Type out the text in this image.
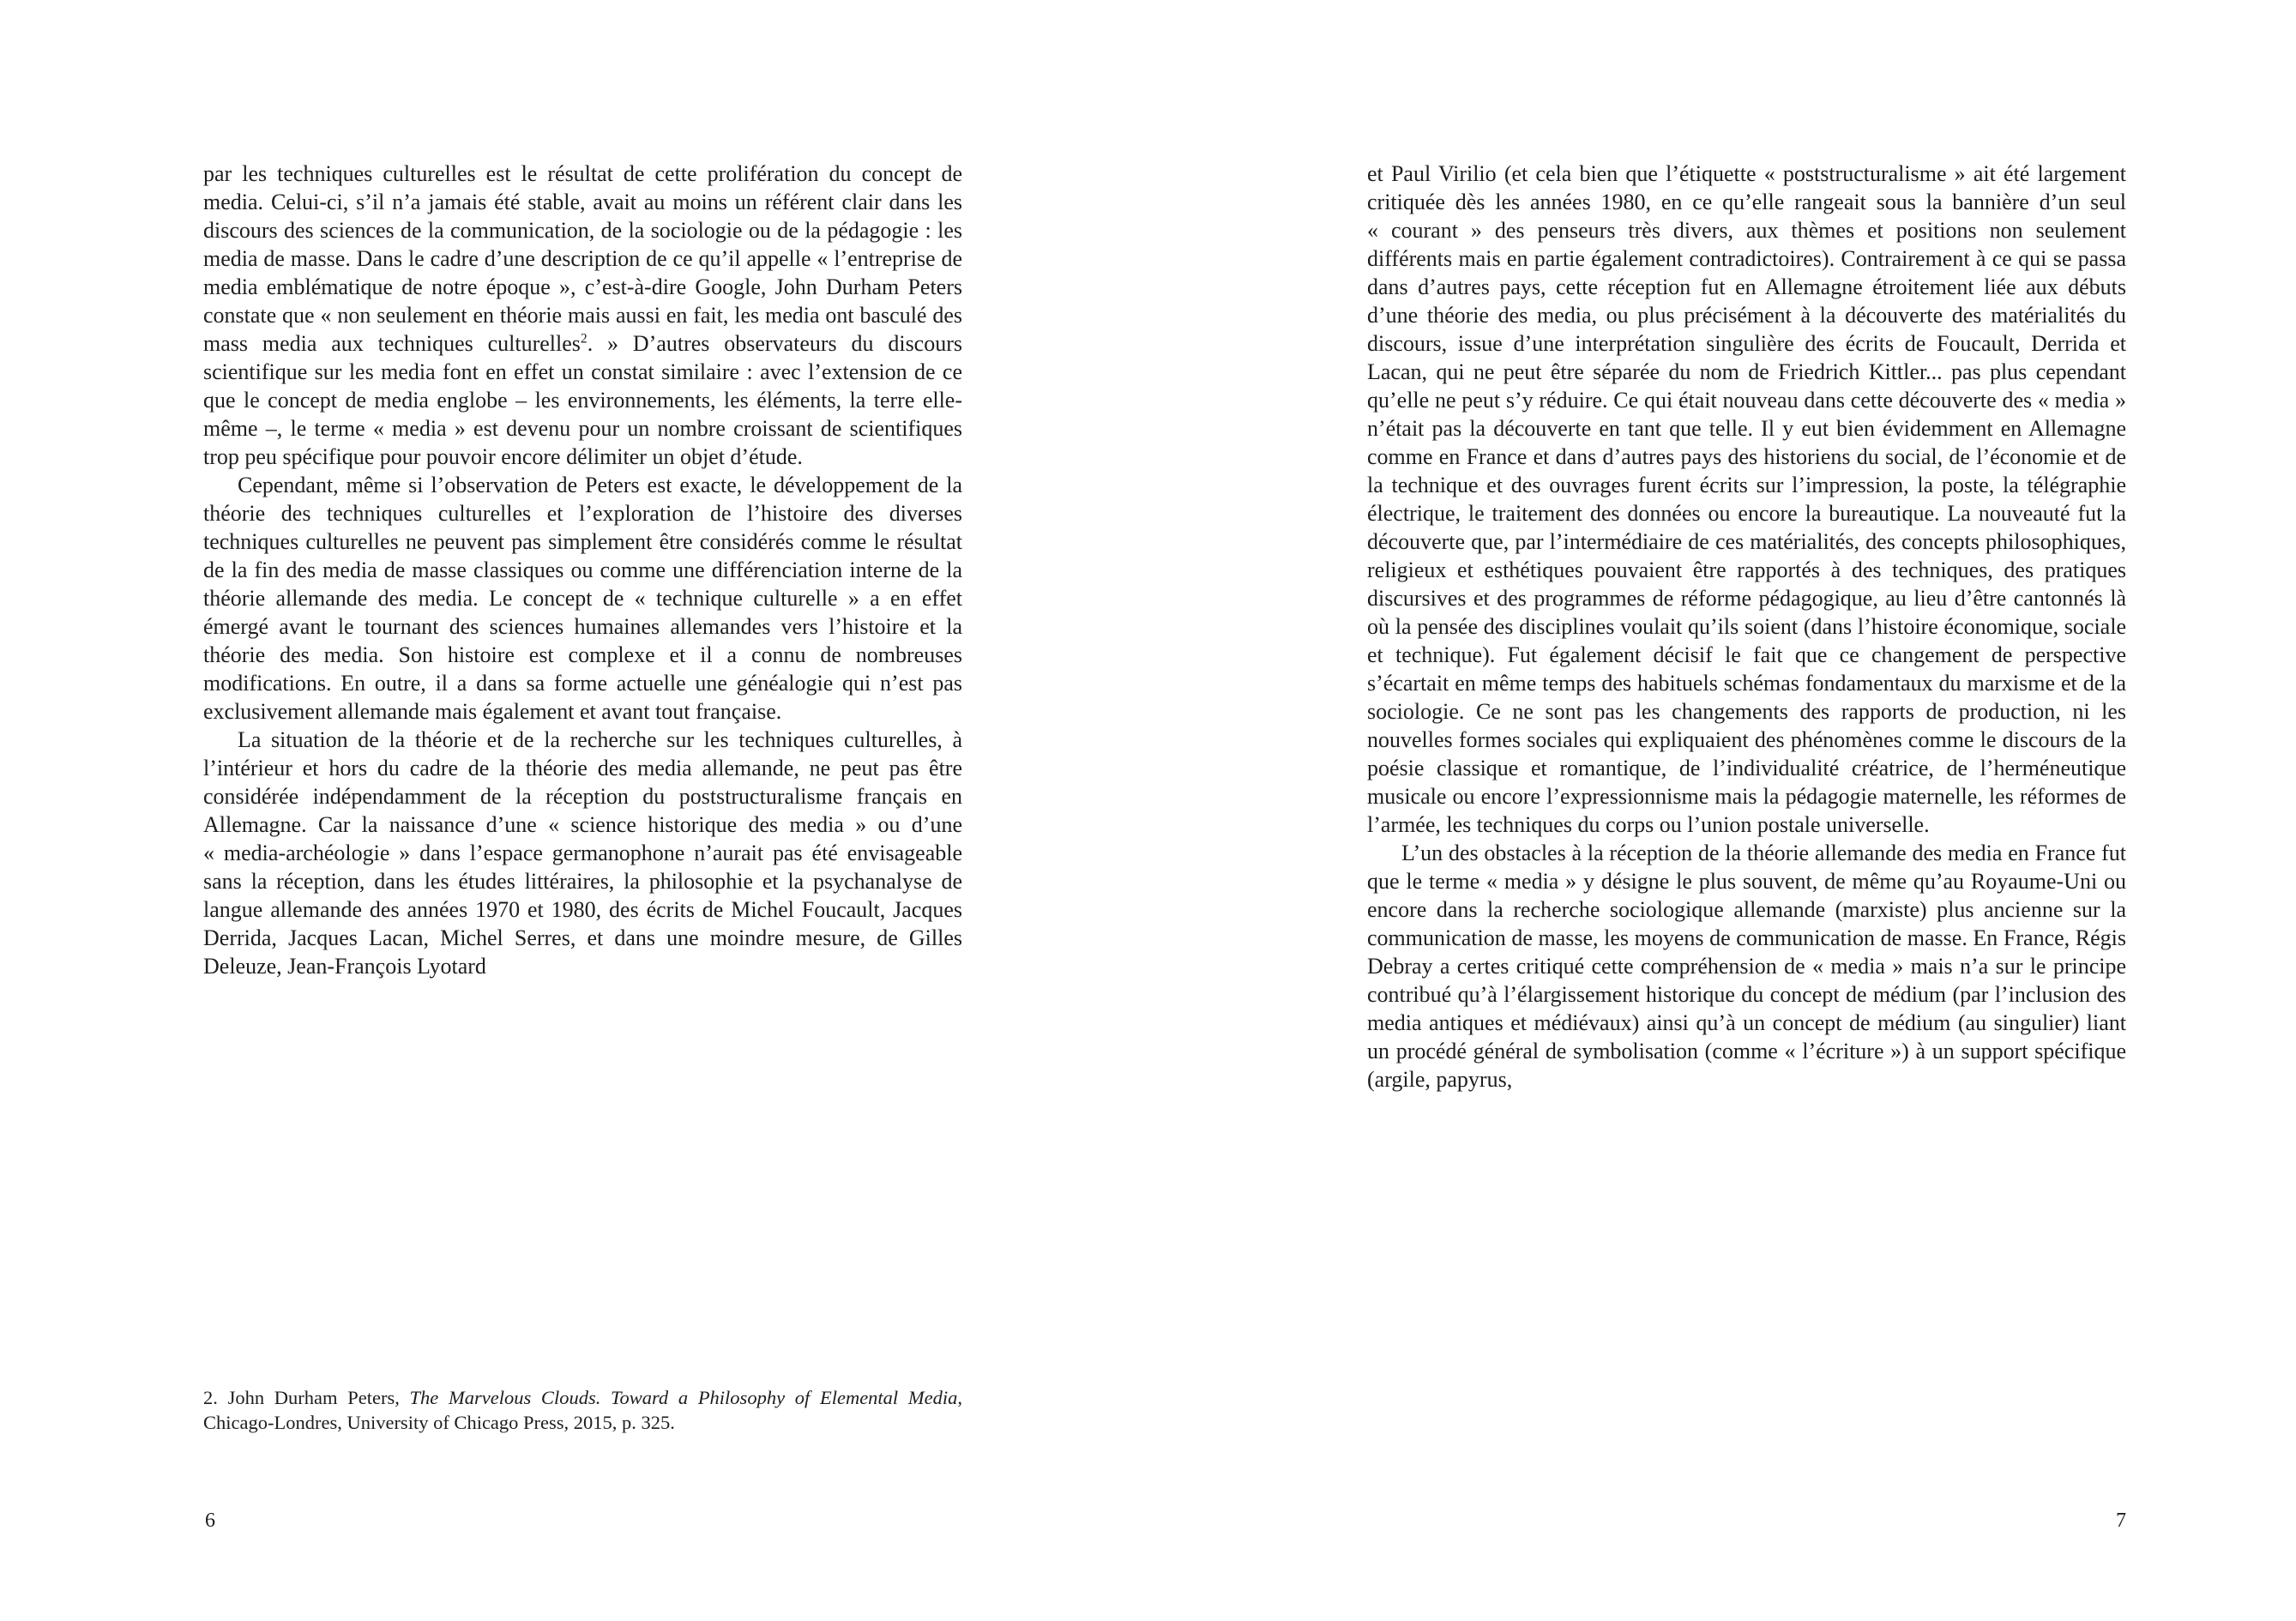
par les techniques culturelles est le résultat de cette prolifération du concept de media. Celui-ci, s’il n’a jamais été stable, avait au moins un référent clair dans les discours des sciences de la communication, de la sociologie ou de la pédagogie : les media de masse. Dans le cadre d’une description de ce qu’il appelle « l’entreprise de media emblématique de notre époque », c’est-à-dire Google, John Durham Peters constate que « non seulement en théorie mais aussi en fait, les media ont basculé des mass media aux techniques culturelles$^2$. » D’autres observateurs du discours scientifique sur les media font en effet un constat similaire : avec l’extension de ce que le concept de media englobe – les environnements, les éléments, la terre elle-même –, le terme « media » est devenu pour un nombre croissant de scientifiques trop peu spécifique pour pouvoir encore délimiter un objet d’étude.

Cependant, même si l’observation de Peters est exacte, le développement de la théorie des techniques culturelles et l’exploration de l’histoire des diverses techniques culturelles ne peuvent pas simplement être considérés comme le résultat de la fin des media de masse classiques ou comme une différenciation interne de la théorie allemande des media. Le concept de « technique culturelle » a en effet émergé avant le tournant des sciences humaines allemandes vers l’histoire et la théorie des media. Son histoire est complexe et il a connu de nombreuses modifications. En outre, il a dans sa forme actuelle une généalogie qui n’est pas exclusivement allemande mais également et avant tout française.

La situation de la théorie et de la recherche sur les techniques culturelles, à l’intérieur et hors du cadre de la théorie des media allemande, ne peut pas être considérée indépendamment de la réception du poststructuralisme français en Allemagne. Car la naissance d’une « science historique des media » ou d’une « media-archéologie » dans l’espace germanophone n’aurait pas été envisageable sans la réception, dans les études littéraires, la philosophie et la psychanalyse de langue allemande des années 1970 et 1980, des écrits de Michel Foucault, Jacques Derrida, Jacques Lacan, Michel Serres, et dans une moindre mesure, de Gilles Deleuze, Jean-François Lyotard

2. John Durham Peters, The Marvelous Clouds. Toward a Philosophy of Elemental Media, Chicago-Londres, University of Chicago Press, 2015, p. 325.
6

et Paul Virilio (et cela bien que l’étiquette « poststructuralisme » ait été largement critiquée dès les années 1980, en ce qu’elle rangeait sous la bannière d’un seul « courant » des penseurs très divers, aux thèmes et positions non seulement différents mais en partie également contradictoires). Contrairement à ce qui se passa dans d’autres pays, cette réception fut en Allemagne étroitement liée aux débuts d’une théorie des media, ou plus précisément à la découverte des matérialités du discours, issue d’une interprétation singulière des écrits de Foucault, Derrida et Lacan, qui ne peut être séparée du nom de Friedrich Kittler... pas plus cependant qu’elle ne peut s’y réduire. Ce qui était nouveau dans cette découverte des « media » n’était pas la découverte en tant que telle. Il y eut bien évidemment en Allemagne comme en France et dans d’autres pays des historiens du social, de l’économie et de la technique et des ouvrages furent écrits sur l’impression, la poste, la télégraphie électrique, le traitement des données ou encore la bureautique. La nouveauté fut la découverte que, par l’intermédiaire de ces matérialités, des concepts philosophiques, religieux et esthétiques pouvaient être rapportés à des techniques, des pratiques discursives et des programmes de réforme pédagogique, au lieu d’être cantonnés là où la pensée des disciplines voulait qu’ils soient (dans l’histoire économique, sociale et technique). Fut également décisif le fait que ce changement de perspective s’écartait en même temps des habituels schémas fondamentaux du marxisme et de la sociologie. Ce ne sont pas les changements des rapports de production, ni les nouvelles formes sociales qui expliquaient des phénomènes comme le discours de la poésie classique et romantique, de l’individualité créatrice, de l’herméneutique musicale ou encore l’expressionnisme mais la pédagogie maternelle, les réformes de l’armée, les techniques du corps ou l’union postale universelle.

L’un des obstacles à la réception de la théorie allemande des media en France fut que le terme « media » y désigne le plus souvent, de même qu’au Royaume-Uni ou encore dans la recherche sociologique allemande (marxiste) plus ancienne sur la communication de masse, les moyens de communication de masse. En France, Régis Debray a certes critiqué cette compréhension de « media » mais n’a sur le principe contribué qu’à l’élargissement historique du concept de médium (par l’inclusion des media antiques et médiévaux) ainsi qu’à un concept de médium (au singulier) liant un procédé général de symbolisation (comme « l’écriture ») à un support spécifique (argile, papyrus,

7
